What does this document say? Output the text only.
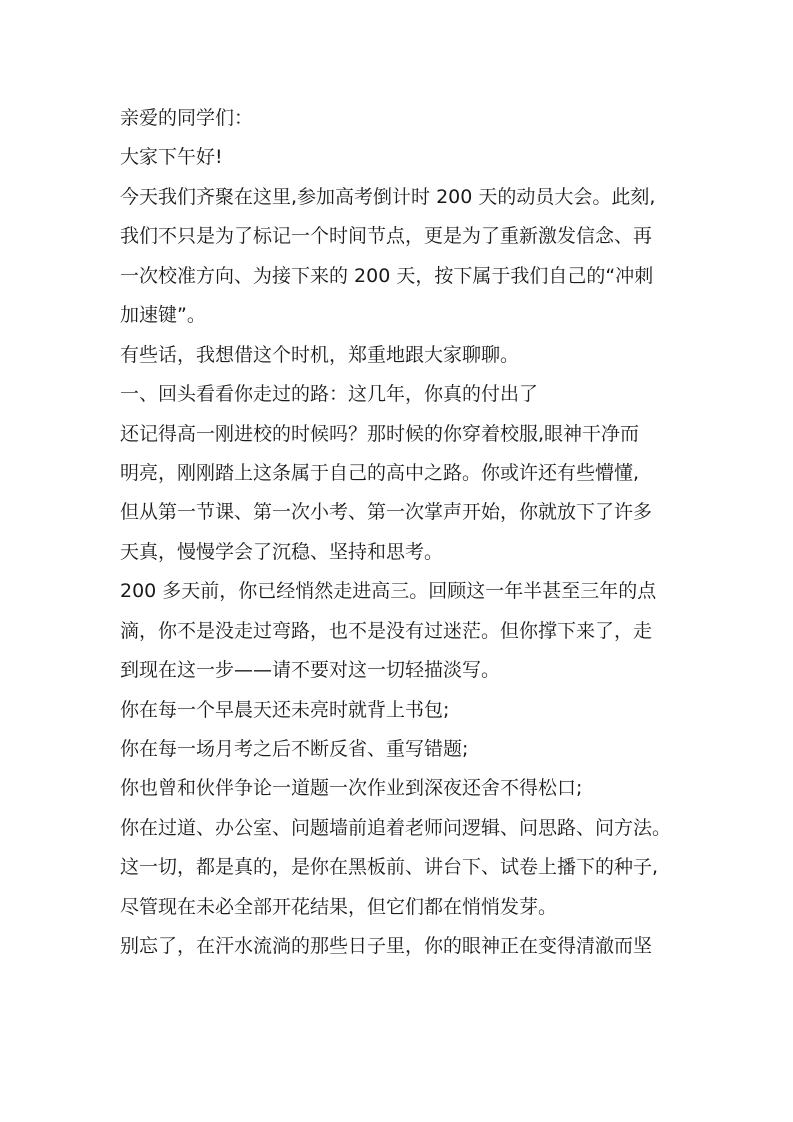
亲爱的同学们：
大家下午好!
今天我们齐聚在这里,参加高考倒计时 200 天的动员大会。此刻,
我们不只是为了标记一个时间节点，更是为了重新激发信念、再
一次校准方向、为接下来的 200 天，按下属于我们自己的“冲刺
加速键”。
有些话，我想借这个时机，郑重地跟大家聊聊。
一、回头看看你走过的路：这几年，你真的付出了
还记得高一刚进校的时候吗？那时候的你穿着校服,眼神干净而
明亮，刚刚踏上这条属于自己的高中之路。你或许还有些懵懂,
但从第一节课、第一次小考、第一次掌声开始，你就放下了许多
天真，慢慢学会了沉稳、坚持和思考。
200 多天前，你已经悄然走进高三。回顾这一年半甚至三年的点
滴，你不是没走过弯路，也不是没有过迷茫。但你撑下来了，走
到现在这一步——请不要对这一切轻描淡写。
你在每一个早晨天还未亮时就背上书包;
你在每一场月考之后不断反省、重写错题;
你也曾和伙伴争论一道题一次作业到深夜还舍不得松口;
你在过道、办公室、问题墙前追着老师问逻辑、问思路、问方法。
这一切，都是真的，是你在黑板前、讲台下、试卷上播下的种子,
尽管现在未必全部开花结果，但它们都在悄悄发芽。
别忘了，在汗水流淌的那些日子里，你的眼神正在变得清澈而坚
